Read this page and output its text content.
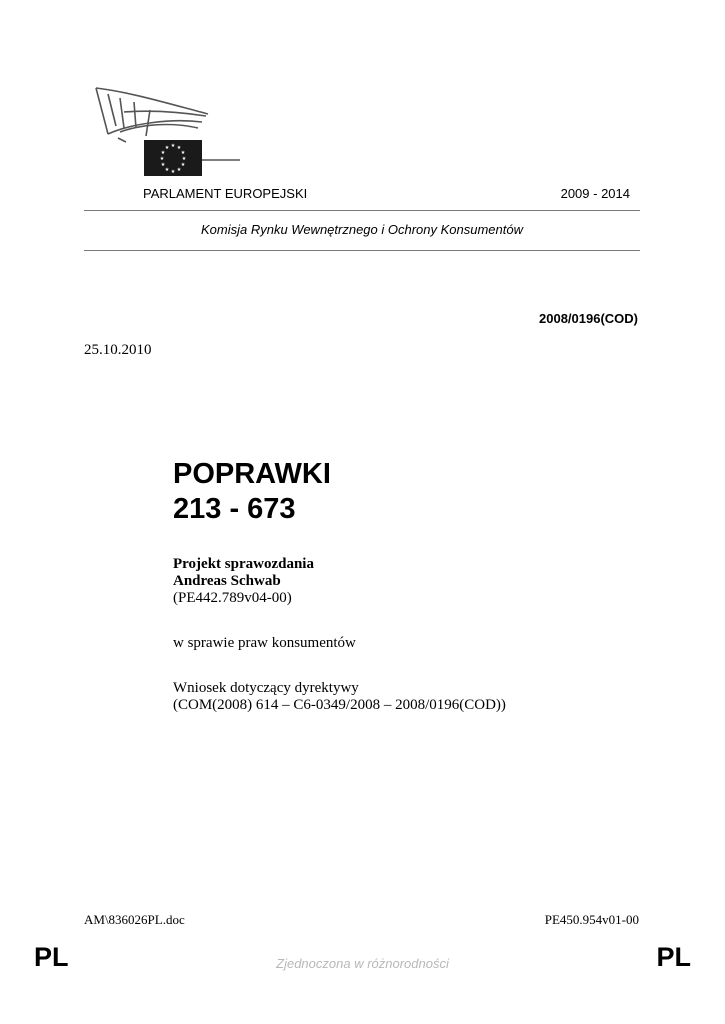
★ ★
★
★
★
★
★
★
★
★
★
★
PARLAMENT EUROPEJSKI	2009 - 2014
Komisja Rynku Wewnętrznego i Ochrony Konsumentów
2008/0196(COD)
25.10.2010
POPRAWKI
213 - 673
Projekt sprawozdania
Andreas Schwab
(PE442.789v04-00)
w sprawie praw konsumentów
Wniosek dotyczący dyrektywy
(COM(2008) 614 – C6-0349/2008 – 2008/0196(COD))
AM\836026PL.doc	PE450.954v01-00
PL	Zjednoczona w różnorodności	PL
